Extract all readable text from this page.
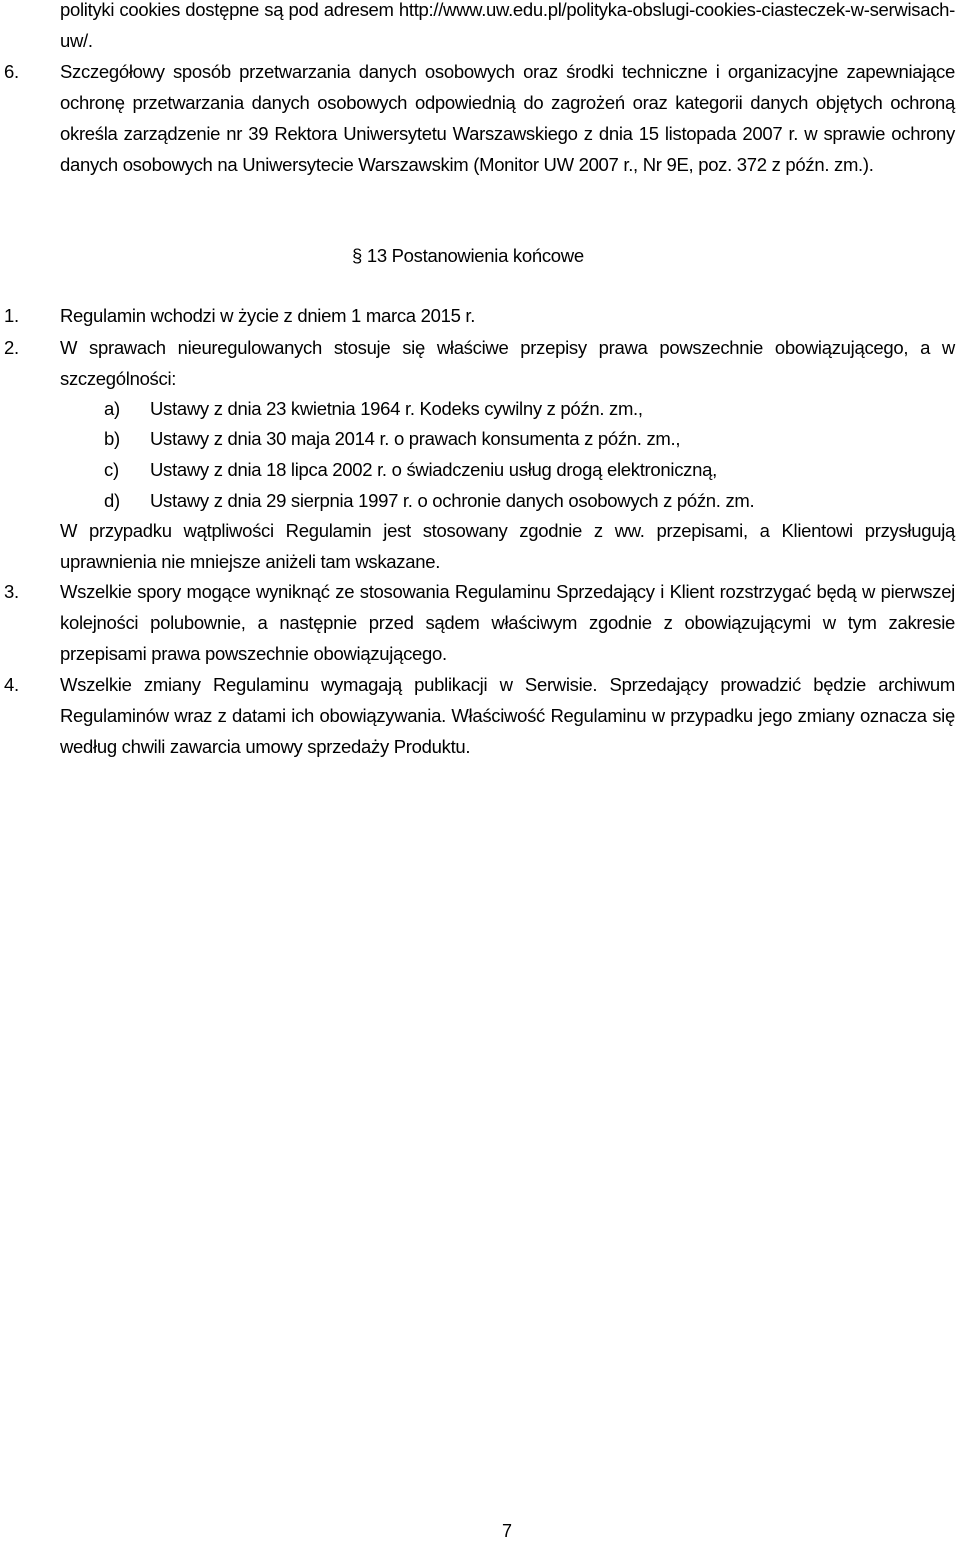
polityki cookies dostępne są pod adresem http://www.uw.edu.pl/polityka-obslugi-cookies-ciasteczek-w-serwisach-uw/.

6. Szczegółowy sposób przetwarzania danych osobowych oraz środki techniczne i organizacyjne zapewniające ochronę przetwarzania danych osobowych odpowiednią do zagrożeń oraz kategorii danych objętych ochroną określa zarządzenie nr 39 Rektora Uniwersytetu Warszawskiego z dnia 15 listopada 2007 r. w sprawie ochrony danych osobowych na Uniwersytecie Warszawskim (Monitor UW 2007 r., Nr 9E, poz. 372 z późn. zm.).

§ 13 Postanowienia końcowe
1. Regulamin wchodzi w życie z dniem 1 marca 2015 r.

2. W sprawach nieuregulowanych stosuje się właściwe przepisy prawa powszechnie obowiązującego, a w szczególności:

a) Ustawy z dnia 23 kwietnia 1964 r. Kodeks cywilny z późn. zm.,
b) Ustawy z dnia 30 maja 2014 r. o prawach konsumenta z późn. zm.,
c) Ustawy z dnia 18 lipca 2002 r. o świadczeniu usług drogą elektroniczną,
d) Ustawy z dnia 29 sierpnia 1997 r. o ochronie danych osobowych z późn. zm.

W przypadku wątpliwości Regulamin jest stosowany zgodnie z ww. przepisami, a Klientowi przysługują uprawnienia nie mniejsze aniżeli tam wskazane.

3. Wszelkie spory mogące wyniknąć ze stosowania Regulaminu Sprzedający i Klient rozstrzygać będą w pierwszej kolejności polubownie, a następnie przed sądem właściwym zgodnie z obowiązującymi w tym zakresie przepisami prawa powszechnie obowiązującego.

4. Wszelkie zmiany Regulaminu wymagają publikacji w Serwisie. Sprzedający prowadzić będzie archiwum Regulaminów wraz z datami ich obowiązywania. Właściwość Regulaminu w przypadku jego zmiany oznacza się według chwili zawarcia umowy sprzedaży Produktu.

7
